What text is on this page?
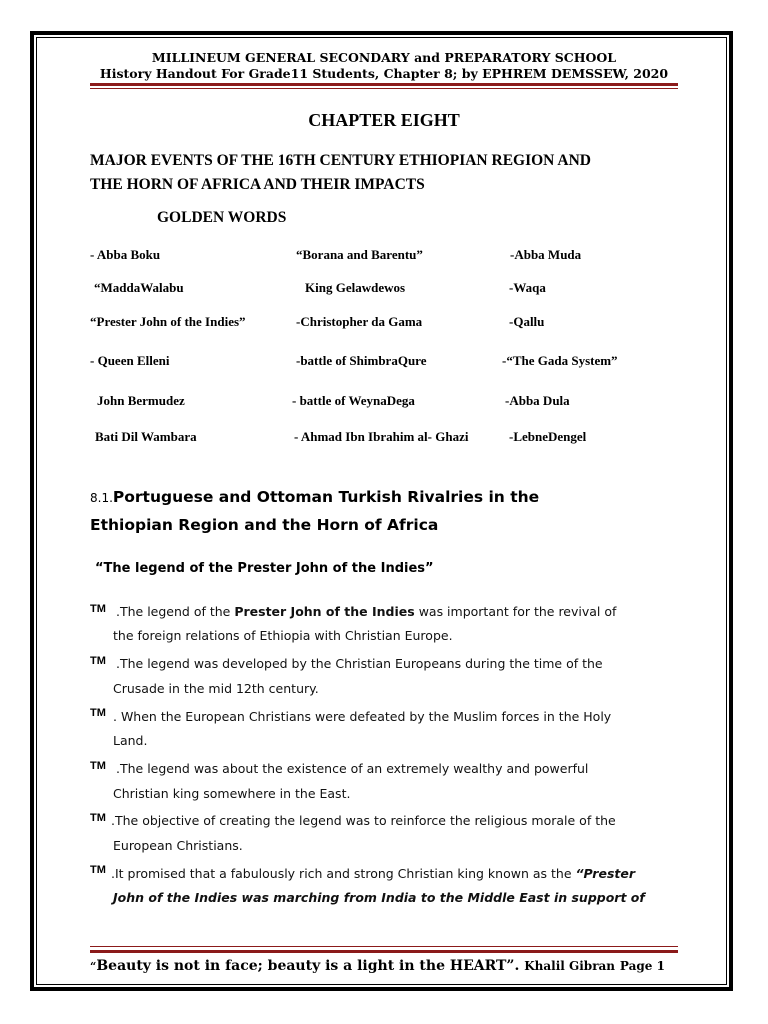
MILLINEUM GENERAL SECONDARY and PREPARATORY SCHOOL
History Handout For Grade11 Students, Chapter 8; by EPHREM DEMSSEW, 2020
CHAPTER EIGHT
MAJOR EVENTS OF THE 16TH CENTURY ETHIOPIAN REGION AND
THE HORN OF AFRICA AND THEIR IMPACTS
GOLDEN WORDS
- Abba Boku	“Borana and Barentu”	-Abba Muda
“MaddaWalabu	King Gelawdewos	-Waqa
“Prester John of the Indies”	-Christopher da Gama	-Qallu
- Queen Elleni	-battle of ShimbraQure	-“The Gada System”
John Bermudez	- battle of WeynaDega	-Abba Dula
Bati Dil Wambara	- Ahmad Ibn Ibrahim al- Ghazi	-LebneDengel
8.1.Portuguese and Ottoman Turkish Rivalries in the
Ethiopian Region and the Horn of Africa
“The legend of the Prester John of the Indies”
TM .The legend of the Prester John of the Indies was important for the revival of
the foreign relations of Ethiopia with Christian Europe.
TM .The legend was developed by the Christian Europeans during the time of the
Crusade in the mid 12th century.
TM . When the European Christians were defeated by the Muslim forces in the Holy
Land.
TM .The legend was about the existence of an extremely wealthy and powerful
Christian king somewhere in the East.
TM .The objective of creating the legend was to reinforce the religious morale of the
European Christians.
TM .It promised that a fabulously rich and strong Christian king known as the “Prester
John of the Indies was marching from India to the Middle East in support of
“Beauty is not in face; beauty is a light in the HEART”. Khalil Gibran Page 1
